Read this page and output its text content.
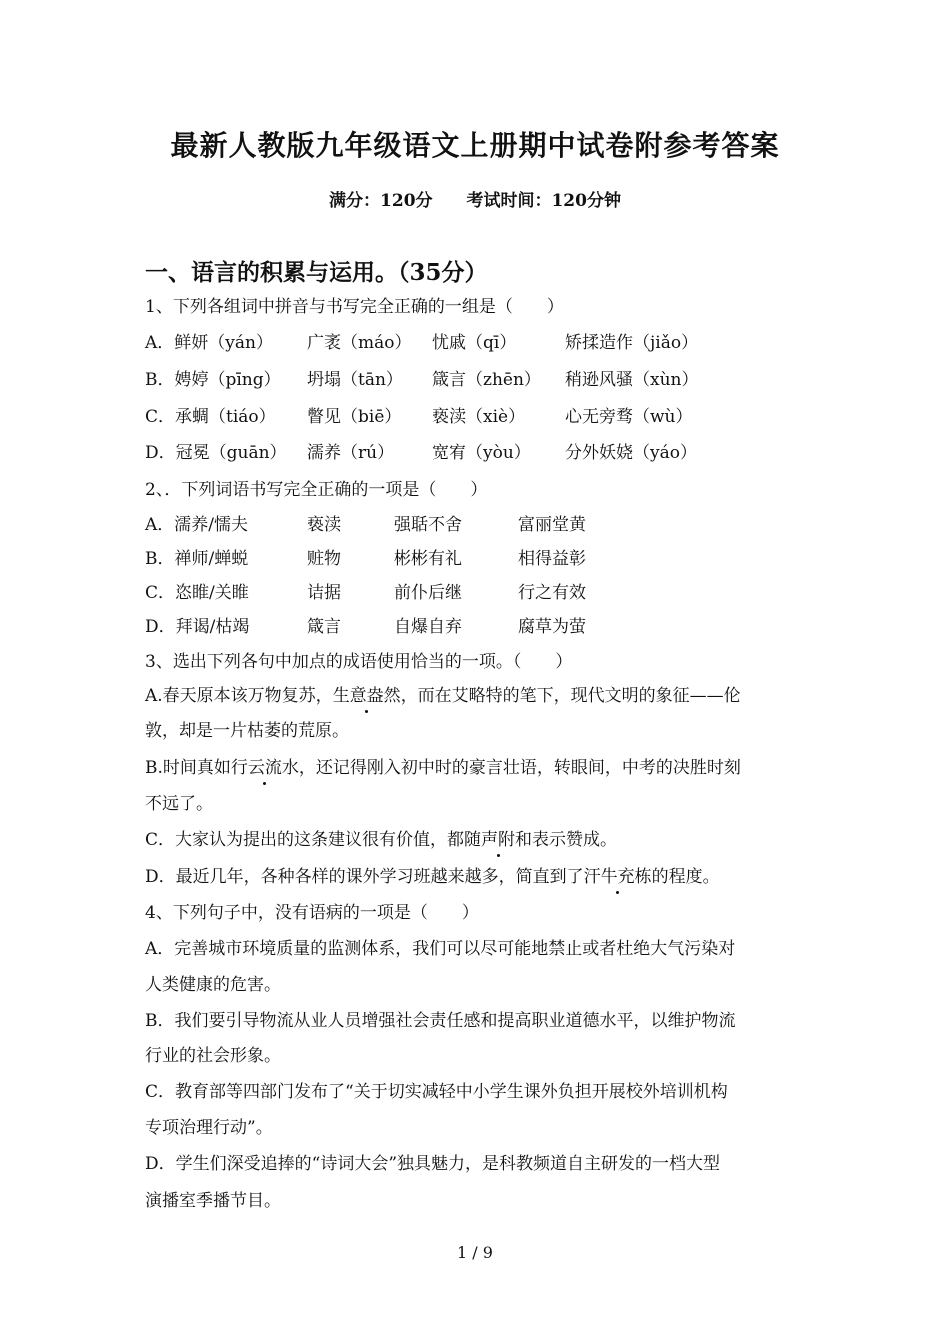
最新人教版九年级语文上册期中试卷附参考答案
满分：120分 考试时间：120分钟
一、语言的积累与运用。（35分）
1、下列各组词中拼音与书写完全正确的一组是（　　）
A．鲜妍（yán） 广袤（máo） 忧戚（qī）	矫揉造作（jiǎo）
B．娉婷（pīng） 坍塌（tān） 箴言（zhēn） 稍逊风骚（xùn）
C．承蜩（tiáo） 瞥见（biē） 亵渎（xiè） 心无旁骛（wù）
D．冠冕（guān） 濡养（rú） 宽宥（yòu） 分外妖娆（yáo）
2、．下列词语书写完全正确的一项是（　　）
A．濡养/懦夫	亵渎	强聒不舍	富丽堂黄
B．禅师/蝉蜕	赃物	彬彬有礼	相得益彰
C．恣睢/关睢	诘据	前仆后继	行之有效
D．拜谒/枯竭	箴言	自爆自弃	腐草为萤
3、选出下列各句中加点的成语使用恰当的一项。（　　）
A.春天原本该万物复苏，生意盎然，而在艾略特的笔下，现代文明的象征——伦
敦，却是一片枯萎的荒原。
B.时间真如行云流水，还记得刚入初中时的豪言壮语，转眼间，中考的决胜时刻
不远了。
C．大家认为提出的这条建议很有价值，都随声附和表示赞成。
D．最近几年，各种各样的课外学习班越来越多，简直到了汗牛充栋的程度。
4、下列句子中，没有语病的一项是（　　）
A．完善城市环境质量的监测体系，我们可以尽可能地禁止或者杜绝大气污染对
人类健康的危害。
B．我们要引导物流从业人员增强社会责任感和提高职业道德水平，以维护物流
行业的社会形象。
C．教育部等四部门发布了“关于切实减轻中小学生课外负担开展校外培训机构
专项治理行动”。
D．学生们深受追捧的“诗词大会”独具魅力，是科教频道自主研发的一档大型
演播室季播节目。
1 / 9
